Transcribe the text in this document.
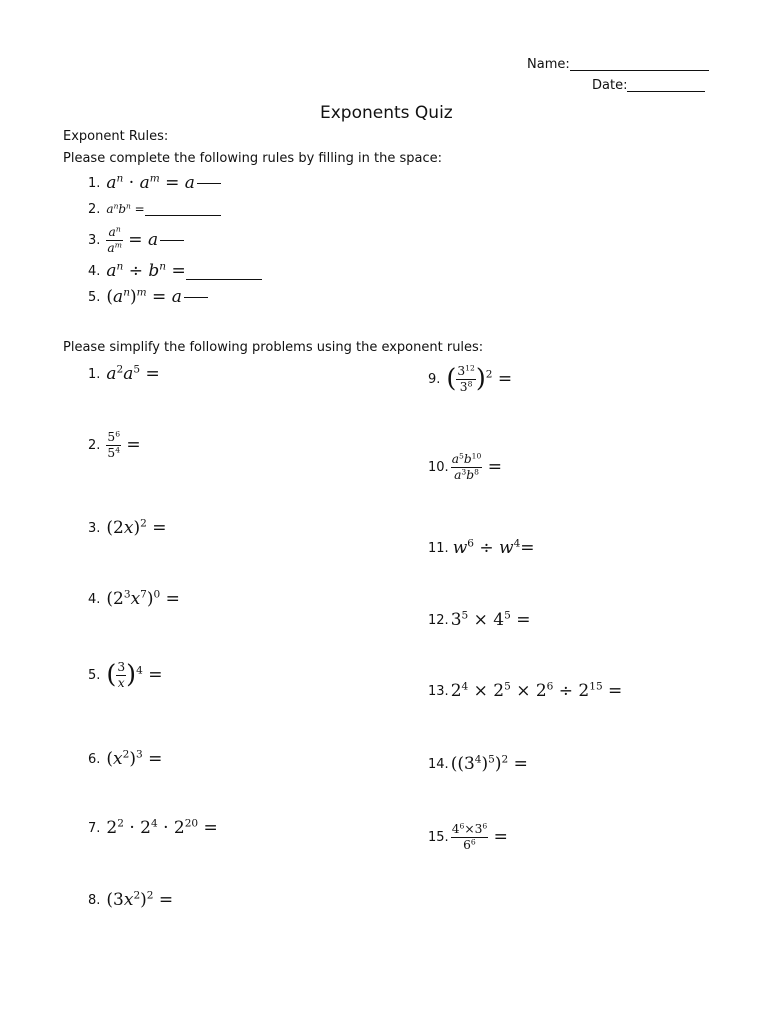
Name:
Date:
Exponents Quiz
Exponent Rules:
Please complete the following rules by filling in the space:
1. $a^n \cdot a^m = a$
2. $a^nb^n$ =
3. $\frac{a^n}{a^m} = a$
4. $a^n \div b^n$ =
5. $(a^n)^m = a$
Please simplify the following problems using the exponent rules:
1. $a^2a^5$ =
2. $\frac{5^6}{5^4}$ =
3. $(2x)^2$ =
4. $(2^3x^7)^0$ =
5. ( $\frac{3}{x} )^4$ =
6. $(x^2)^3$ =
7. $2^2 \cdot 2^4 \cdot 2^{20}$ =
8. $(3x^2)^2$ =
9. ( $\frac{3^{12}}{3^8} )^2$ =
10. $\frac{a^5b^{10}}{a^3b^8}$ =
11. $w^6 \div w^4=$
12. $3^5 \times 4^5$ =
13. $2^4 \times 2^5 \times 2^6 \div 2^{15}$ =
14. $((3^4)^5)^2$ =
15. $\frac{4^6\times 3^6}{6^6}$ =
